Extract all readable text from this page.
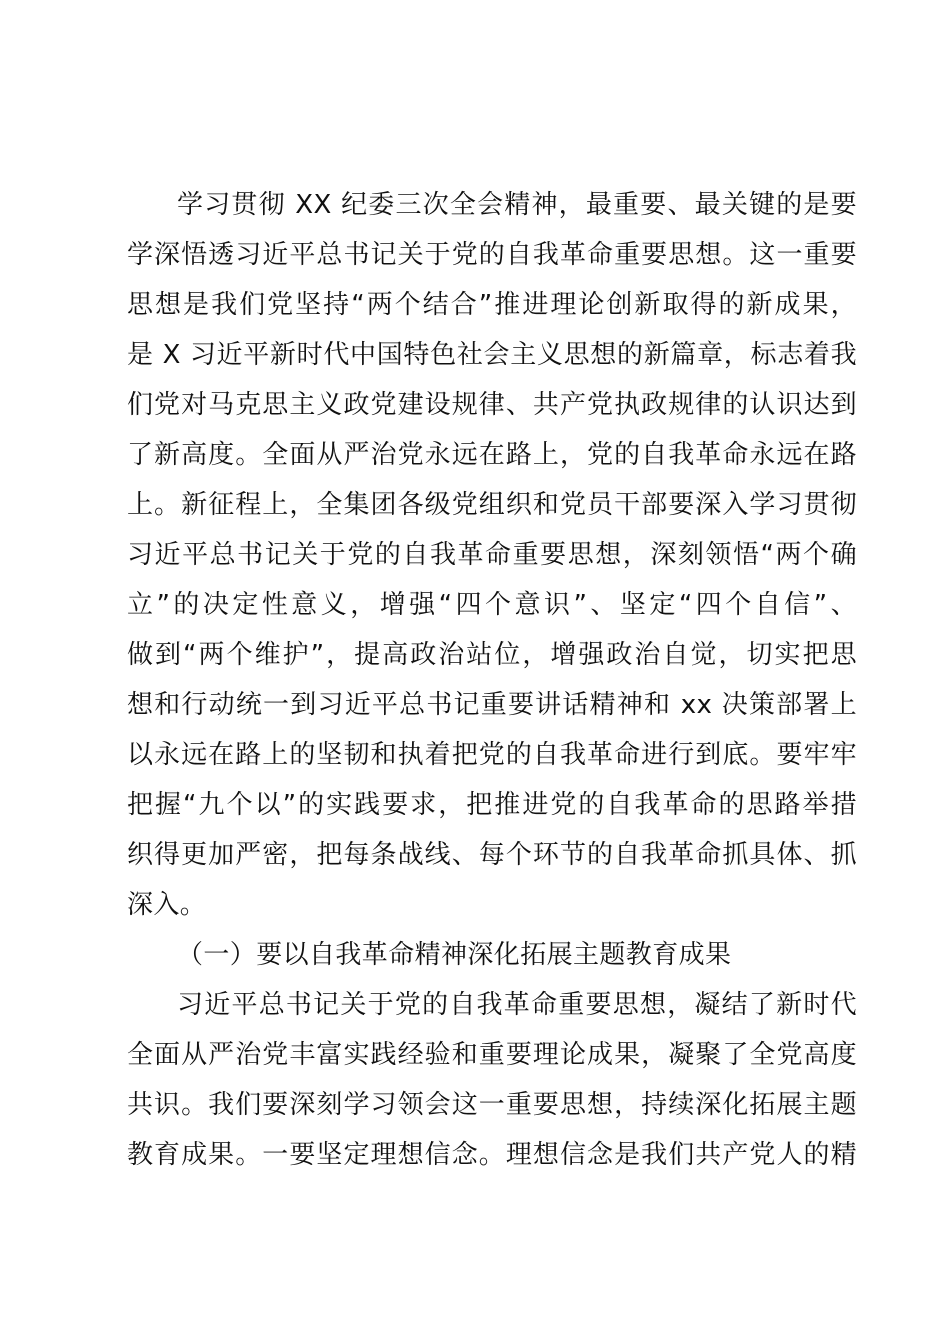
学习贯彻 XX 纪委三次全会精神，最重要、最关键的是要
学深悟透习近平总书记关于党的自我革命重要思想。这一重要
思想是我们党坚持“两个结合”推进理论创新取得的新成果，
是 X 习近平新时代中国特色社会主义思想的新篇章，标志着我
们党对马克思主义政党建设规律、共产党执政规律的认识达到
了新高度。全面从严治党永远在路上，党的自我革命永远在路
上。新征程上，全集团各级党组织和党员干部要深入学习贯彻
习近平总书记关于党的自我革命重要思想，深刻领悟“两个确
立”的决定性意义，增强“四个意识”、坚定“四个自信”、
做到“两个维护”，提高政治站位，增强政治自觉，切实把思
想和行动统一到习近平总书记重要讲话精神和 xx 决策部署上
以永远在路上的坚韧和执着把党的自我革命进行到底。要牢牢
把握“九个以”的实践要求，把推进党的自我革命的思路举措
织得更加严密，把每条战线、每个环节的自我革命抓具体、抓
深入。
（一）要以自我革命精神深化拓展主题教育成果
习近平总书记关于党的自我革命重要思想，凝结了新时代
全面从严治党丰富实践经验和重要理论成果，凝聚了全党高度
共识。我们要深刻学习领会这一重要思想，持续深化拓展主题
教育成果。一要坚定理想信念。理想信念是我们共产党人的精
